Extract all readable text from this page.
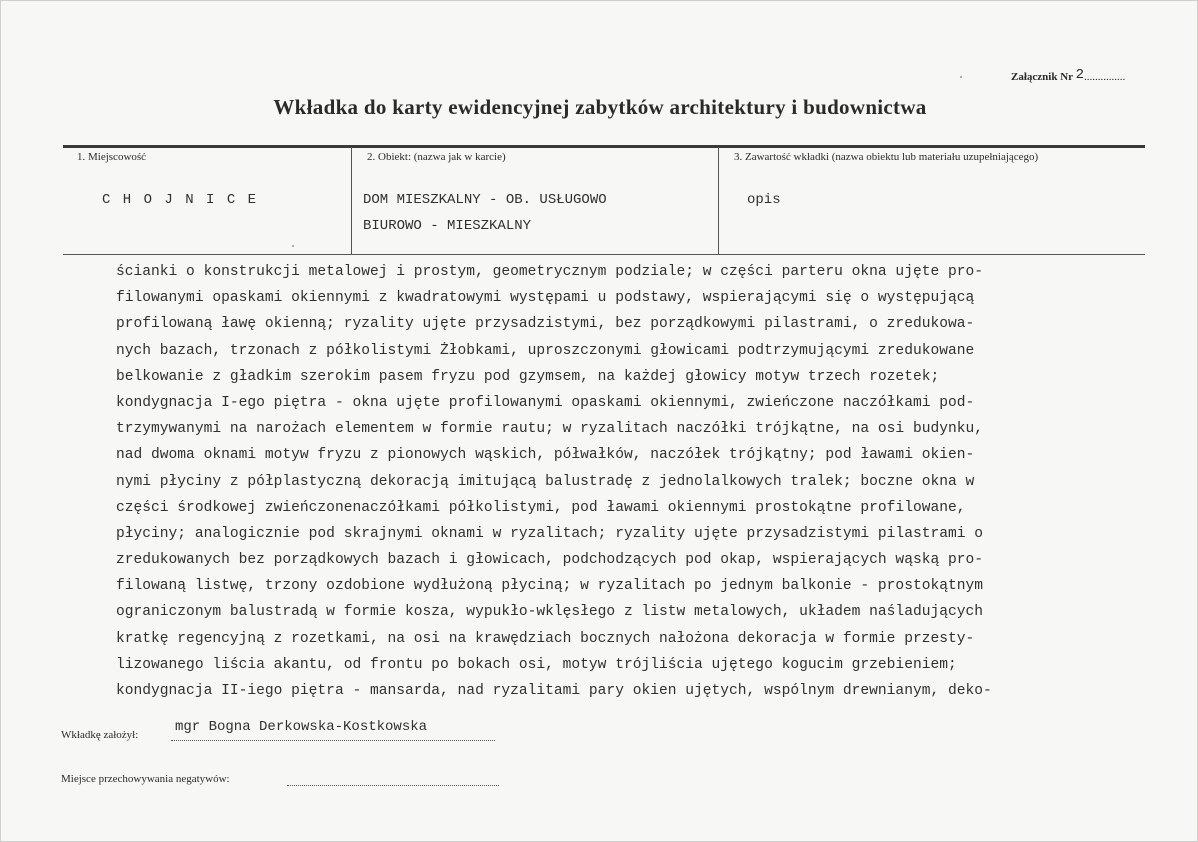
Załącznik Nr 2...............
Wkładka do karty ewidencyjnej zabytków architektury i budownictwa
1. Miejscowość
C H O J N I C E
2. Obiekt: (nazwa jak w karcie)
DOM MIESZKALNY - OB. USŁUGOWO
BIUROWO - MIESZKALNY
3. Zawartość wkładki (nazwa obiektu lub materiału uzupełniającego)
opis
ścianki o konstrukcji metalowej i prostym, geometrycznym podziale; w części parteru okna ujęte pro-
filowanymi opaskami okiennymi z kwadratowymi występami u podstawy, wspierającymi się o występującą
profilowaną ławę okienną; ryzality ujęte przysadzistymi, bez porządkowymi pilastrami, o zredukowa-
nych bazach, trzonach z półkolistymi Żłobkami, uproszczonymi głowicami podtrzymującymi zredukowane
belkowanie z gładkim szerokim pasem fryzu pod gzymsem, na każdej głowicy motyw trzech rozetek;
kondygnacja I-ego piętra - okna ujęte profilowanymi opaskami okiennymi, zwieńczone naczółkami pod-
trzymywanymi na narożach elementem w formie rautu; w ryzalitach naczółki trójkątne, na osi budynku,
nad dwoma oknami motyw fryzu z pionowych wąskich, półwałków, naczółek trójkątny; pod ławami okien-
nymi płyciny z półplastyczną dekoracją imitującą balustradę z jednolalkowych tralek; boczne okna w
części środkowej zwieńczonenaczółkami półkolistymi, pod ławami okiennymi prostokątne profilowane,
płyciny; analogicznie pod skrajnymi oknami w ryzalitach; ryzality ujęte przysadzistymi pilastrami o
zredukowanych bez porządkowych bazach i głowicach, podchodzących pod okap, wspierających wąską pro-
filowaną listwę, trzony ozdobione wydłużoną płyciną; w ryzalitach po jednym balkonie - prostokątnym
ograniczonym balustradą w formie kosza, wypukło-wklęsłego z listw metalowych, układem naśladujących
kratkę regencyjną z rozetkami, na osi na krawędziach bocznych nałożona dekoracja w formie przesty-
lizowanego liścia akantu, od frontu po bokach osi, motyw trójliścia ujętego kogucim grzebieniem;
kondygnacja II-iego piętra - mansarda, nad ryzalitami pary okien ujętych, wspólnym drewnianym, deko-
Wkładkę założył:	mgr Bogna Derkowska-Kostkowska
Miejsce przechowywania negatywów:
